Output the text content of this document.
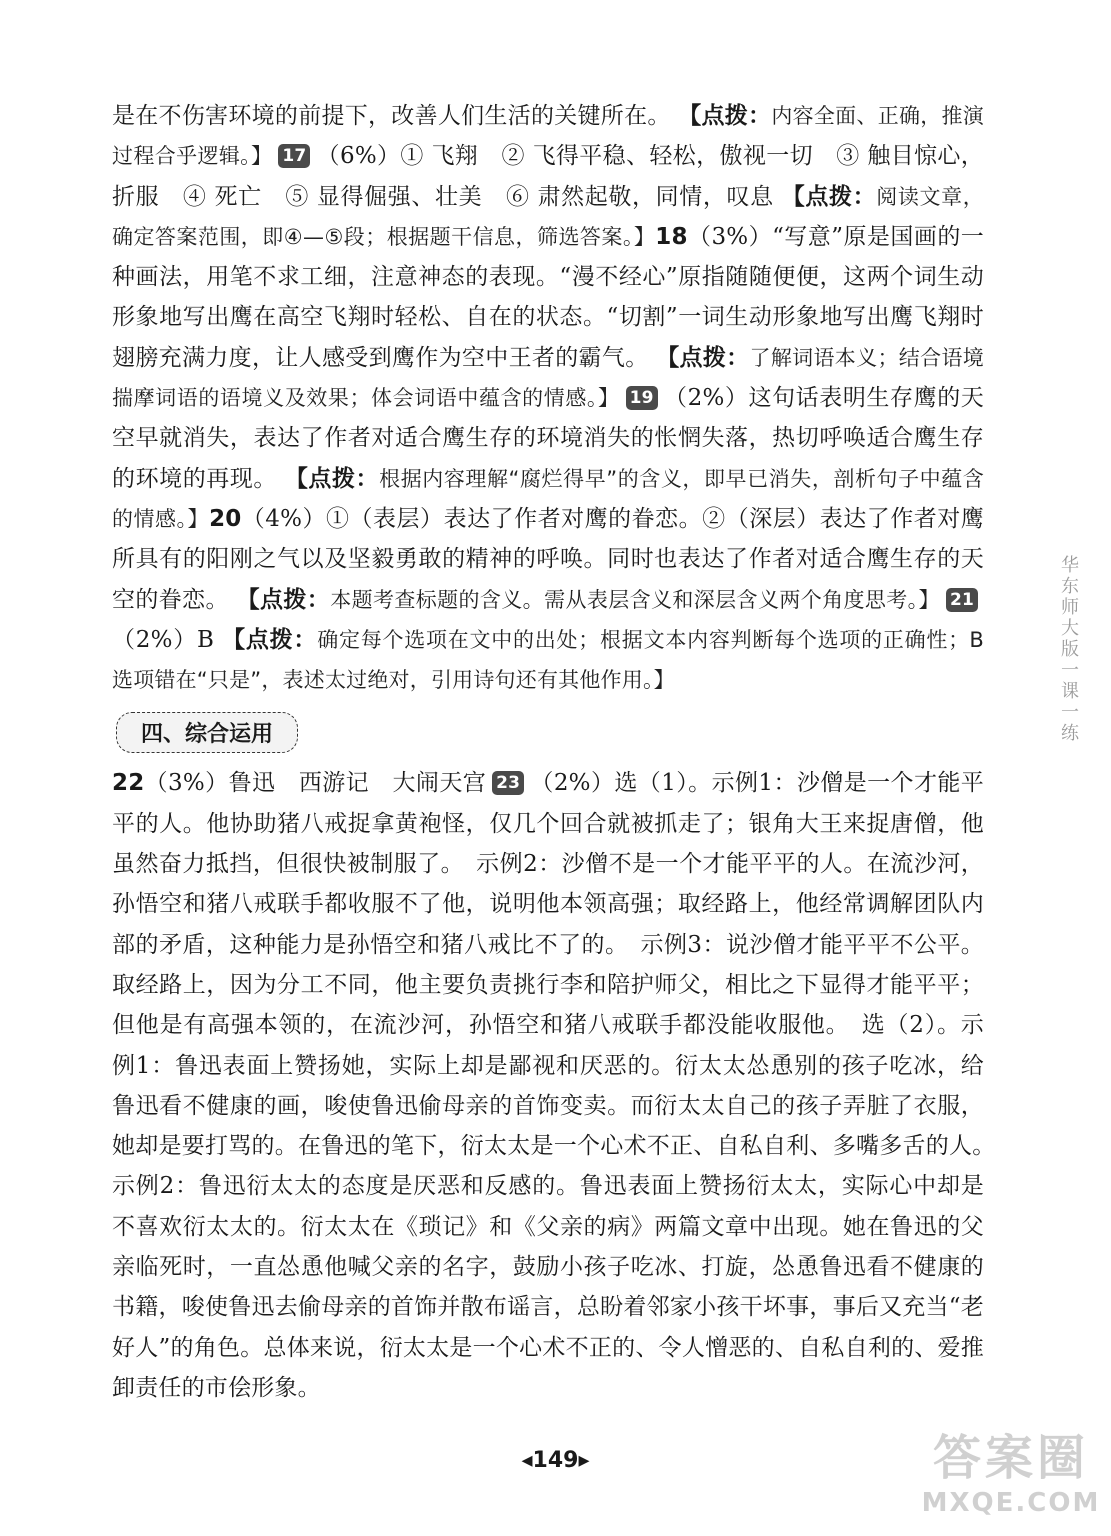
是在不伤害环境的前提下，改善人们生活的关键所在。 【点拨：内容全面、正确，推演过程合乎逻辑。】 17 （6%）① 飞翔　② 飞得平稳、轻松，傲视一切　③ 触目惊心，折服　④ 死亡　⑤ 显得倔强、壮美　⑥ 肃然起敬，同情，叹息 【点拨：阅读文章，确定答案范围，即④—⑤段；根据题干信息，筛选答案。】18（3%）“写意”原是国画的一种画法，用笔不求工细，注意神态的表现。“漫不经心”原指随随便便，这两个词生动形象地写出鹰在高空飞翔时轻松、自在的状态。“切割”一词生动形象地写出鹰飞翔时翅膀充满力度，让人感受到鹰作为空中王者的霸气。 【点拨：了解词语本义；结合语境揣摩词语的语境义及效果；体会词语中蕴含的情感。】 19 （2%）这句话表明生存鹰的天空早就消失，表达了作者对适合鹰生存的环境消失的怅惘失落，热切呼唤适合鹰生存的环境的再现。 【点拨：根据内容理解“腐烂得早”的含义，即早已消失，剖析句子中蕴含的情感。】20（4%）①（表层）表达了作者对鹰的眷恋。②（深层）表达了作者对鹰所具有的阳刚之气以及坚毅勇敢的精神的呼唤。同时也表达了作者对适合鹰生存的天空的眷恋。 【点拨：本题考查标题的含义。需从表层含义和深层含义两个角度思考。】 21（2%）B 【点拨：确定每个选项在文中的出处；根据文本内容判断每个选项的正确性；B选项错在“只是”，表述太过绝对，引用诗句还有其他作用。】

四、综合运用

22（3%）鲁迅　西游记　大闹天宫 23 （2%）选（1）。示例1：沙僧是一个才能平平的人。他协助猪八戒捉拿黄袍怪，仅几个回合就被抓走了；银角大王来捉唐僧，他虽然奋力抵挡，但很快被制服了。　示例2：沙僧不是一个才能平平的人。在流沙河，孙悟空和猪八戒联手都收服不了他，说明他本领高强；取经路上，他经常调解团队内部的矛盾，这种能力是孙悟空和猪八戒比不了的。　示例3：说沙僧才能平平不公平。取经路上，因为分工不同，他主要负责挑行李和陪护师父，相比之下显得才能平平；但他是有高强本领的，在流沙河，孙悟空和猪八戒联手都没能收服他。　选（2）。示例1：鲁迅表面上赞扬她，实际上却是鄙视和厌恶的。衍太太怂恿别的孩子吃冰，给鲁迅看不健康的画，唆使鲁迅偷母亲的首饰变卖。而衍太太自己的孩子弄脏了衣服，她却是要打骂的。在鲁迅的笔下，衍太太是一个心术不正、自私自利、多嘴多舌的人。　示例2：鲁迅衍太太的态度是厌恶和反感的。鲁迅表面上赞扬衍太太，实际心中却是不喜欢衍太太的。衍太太在《琐记》和《父亲的病》两篇文章中出现。她在鲁迅的父亲临死时，一直怂恿他喊父亲的名字，鼓励小孩子吃冰、打旋，怂恿鲁迅看不健康的书籍，唆使鲁迅去偷母亲的首饰并散布谣言，总盼着邻家小孩干坏事，事后又充当“老好人”的角色。总体来说，衍太太是一个心术不正的、令人憎恶的、自私自利的、爱推卸责任的市侩形象。

华东师大版一课一练
◂149▸	答案圈
MXQE.COM
